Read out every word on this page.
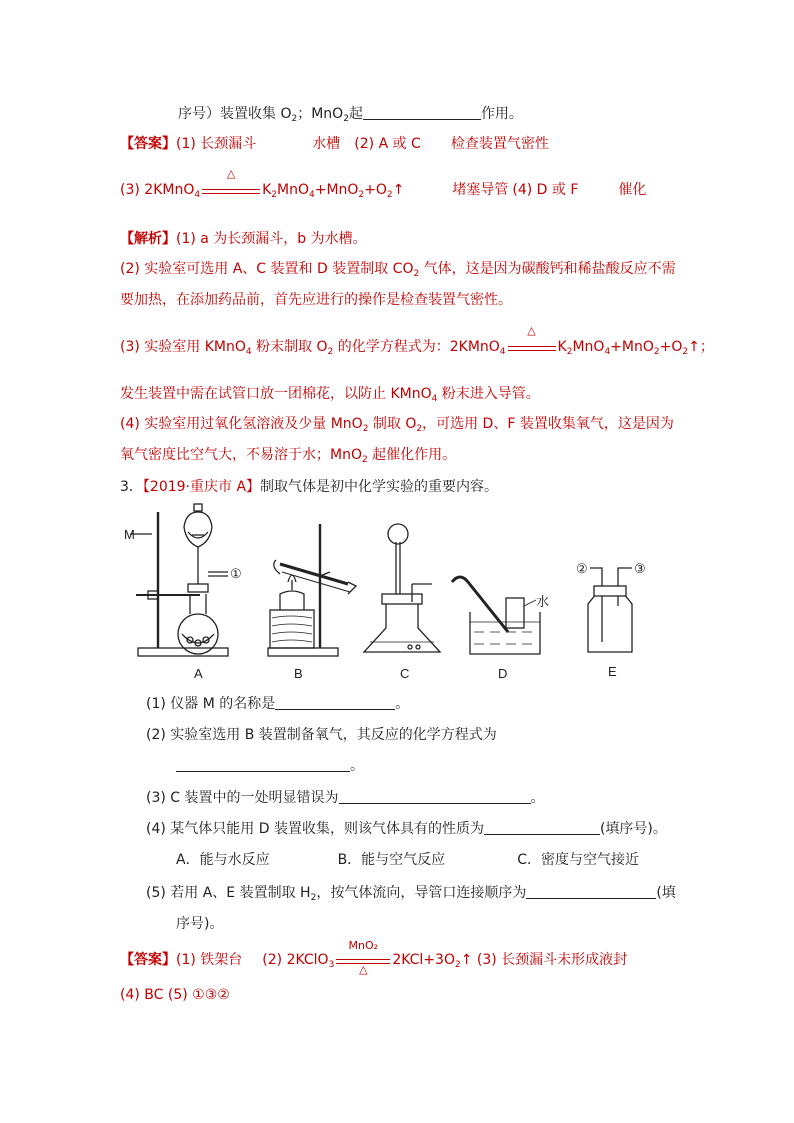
序号）装置收集 $O_2$；MnO$_2$起	作用。
【答案】(1) 长颈漏斗	水槽 (2) A 或 C 检查装置气密性
(3) 2KMnO$_4$
△
$K_2MnO_4+MnO_2+O_2↑$	堵塞导管 (4) D 或 F	催化
【解析】(1) a 为长颈漏斗，b 为水槽。
(2) 实验室可选用 A、C 装置和 D 装置制取 $CO_2$ 气体，这是因为碳酸钙和稀盐酸反应不需
要加热，在添加药品前，首先应进行的操作是检查装置气密性。
(3) 实验室用 KMnO$_4$ 粉末制取 $O_2$ 的化学方程式为：2KMnO$_4$
△
$K_2MnO_4+MnO_2+O_2↑$；
发生装置中需在试管口放一团棉花，以防止 KMnO$_4$ 粉末进入导管。
(4) 实验室用过氧化氢溶液及少量 MnO$_2$ 制取 $O_2$，可选用 D、F 装置收集氧气，这是因为
氧气密度比空气大，不易溶于水；MnO$_2$ 起催化作用。
3．【2019·重庆市 A】制取气体是初中化学实验的重要内容。
A	B	C	D	E
M
①	②	③
水
(1) 仪器 M 的名称是	。
(2) 实验室选用 B 装置制备氧气，其反应的化学方程式为
。
(3) C 装置中的一处明显错误为	。
(4) 某气体只能用 D 装置收集，则该气体具有的性质为	(填序号)。
A．能与水反应	B．能与空气反应	C．密度与空气接近
(5) 若用 A、E 装置制取 $H_2$，按气体流向，导管口连接顺序为	(填
序号)。
【答案】(1) 铁架台 (2) 2KClO$_3$
MnO₂
△
$2KCl+3O_2↑$ (3) 长颈漏斗未形成液封
(4) BC (5) ①③②
